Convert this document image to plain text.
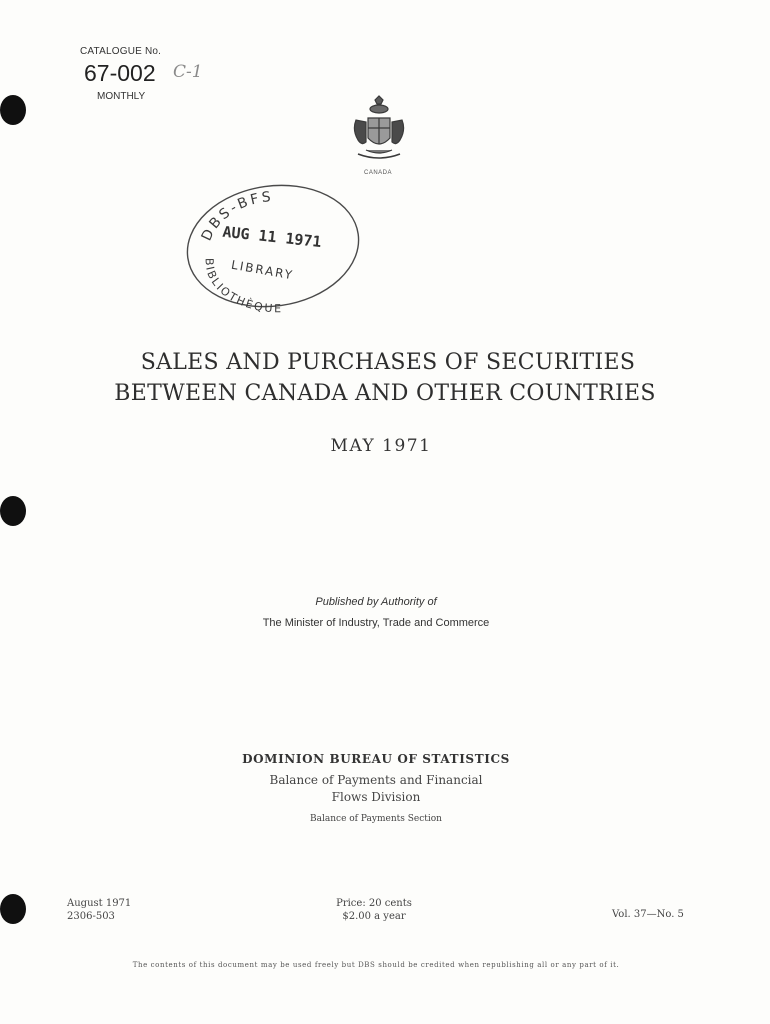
CATALOGUE No.
67-002 C-1
MONTHLY
CANADA
DBS-BFS
AUG 11 1971
LIBRARY
BIBLIOTHÈQUE
SALES AND PURCHASES OF SECURITIES
BETWEEN CANADA AND OTHER COUNTRIES
MAY 1971
Published by Authority of
The Minister of Industry, Trade and Commerce
DOMINION BUREAU OF STATISTICS
Balance of Payments and Financial
Flows Division
Balance of Payments Section
August 1971
2306-503
Price: 20 cents
$2.00 a year	Vol. 37—No. 5
The contents of this document may be used freely but DBS should be credited when republishing all or any part of it.
